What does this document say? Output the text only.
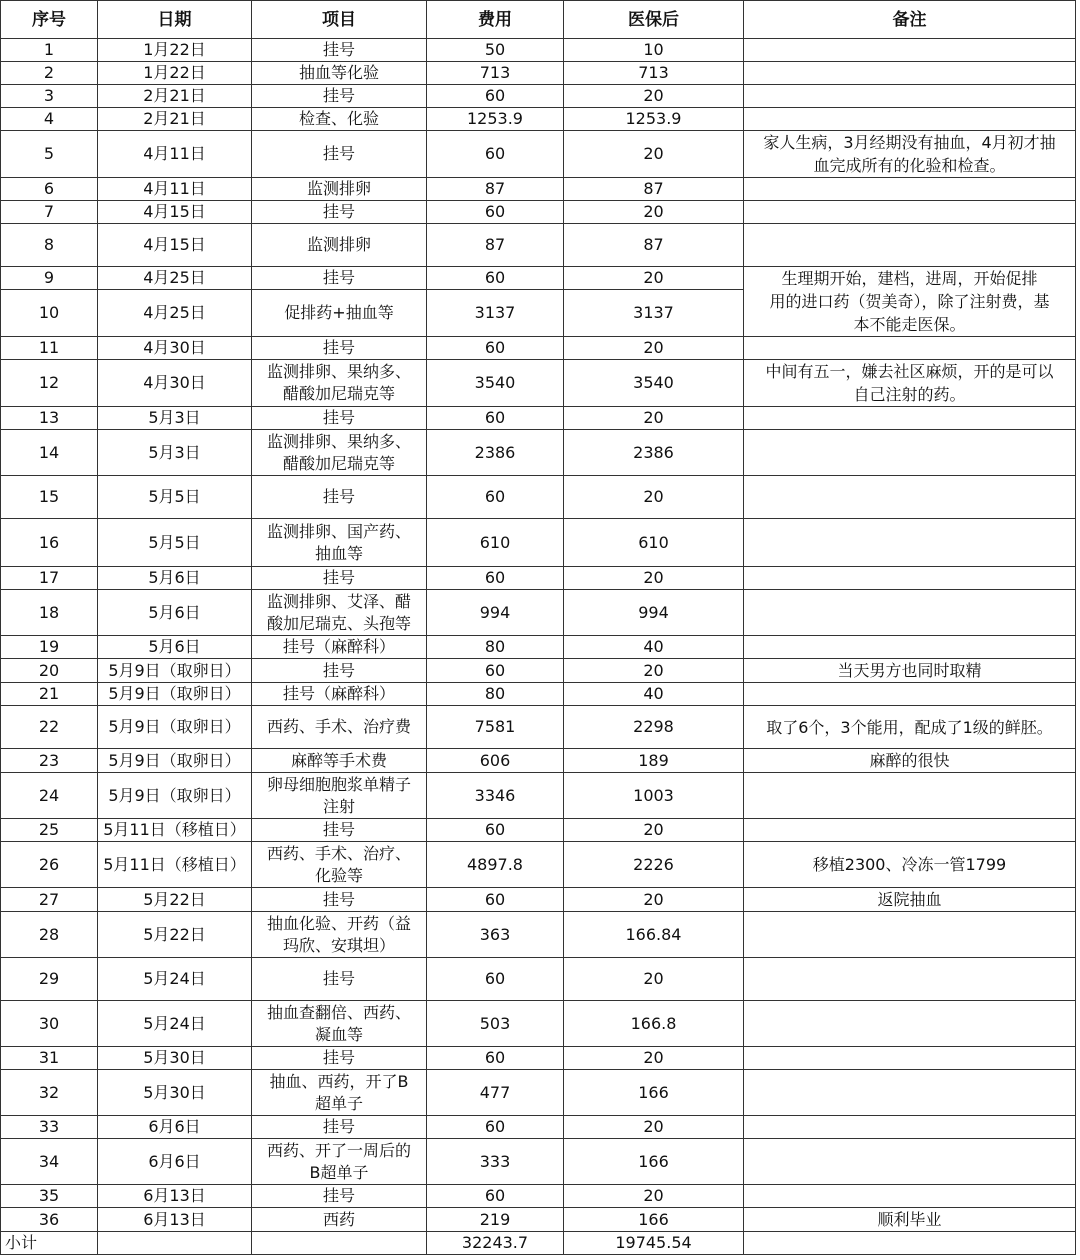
序号	日期	项目	费用	医保后	备注
1	1月22日	挂号	50	10	
2	1月22日	抽血等化验	713	713	
3	2月21日	挂号	60	20	
4	2月21日	检查、化验	1253.9	1253.9	
5	4月11日	挂号	60	20	家人生病，3月经期没有抽血，4月初才抽
血完成所有的化验和检查。
6	4月11日	监测排卵	87	87	
7	4月15日	挂号	60	20	
8	4月15日	监测排卵	87	87	
9	4月25日	挂号	60	20	生理期开始，建档，进周，开始促排
用的进口药（贺美奇），除了注射费，基
本不能走医保。
10	4月25日	促排药+抽血等	3137	3137	
11	4月30日	挂号	60	20	
12	4月30日	监测排卵、果纳多、
醋酸加尼瑞克等	3540	3540	中间有五一，嫌去社区麻烦，开的是可以
自己注射的药。
13	5月3日	挂号	60	20	
14	5月3日	监测排卵、果纳多、
醋酸加尼瑞克等	2386	2386	
15	5月5日	挂号	60	20	
16	5月5日	监测排卵、国产药、
抽血等	610	610	
17	5月6日	挂号	60	20	
18	5月6日	监测排卵、艾泽、醋
酸加尼瑞克、头孢等	994	994	
19	5月6日	挂号（麻醉科）	80	40	
20	5月9日（取卵日）	挂号	60	20	当天男方也同时取精
21	5月9日（取卵日）	挂号（麻醉科）	80	40	
22	5月9日（取卵日）	西药、手术、治疗费	7581	2298	取了6个，3个能用，配成了1级的鲜胚。
23	5月9日（取卵日）	麻醉等手术费	606	189	麻醉的很快
24	5月9日（取卵日）	卵母细胞胞浆单精子
注射	3346	1003	
25	5月11日（移植日）	挂号	60	20	
26	5月11日（移植日）	西药、手术、治疗、
化验等	4897.8	2226	移植2300、冷冻一管1799
27	5月22日	挂号	60	20	返院抽血
28	5月22日	抽血化验、开药（益
玛欣、安琪坦）	363	166.84	
29	5月24日	挂号	60	20	
30	5月24日	抽血查翻倍、西药、
凝血等	503	166.8	
31	5月30日	挂号	60	20	
32	5月30日	抽血、西药，开了B
超单子	477	166	
33	6月6日	挂号	60	20	
34	6月6日	西药、开了一周后的
B超单子	333	166	
35	6月13日	挂号	60	20	
36	6月13日	西药	219	166	顺利毕业
小计			32243.7	19745.54	
